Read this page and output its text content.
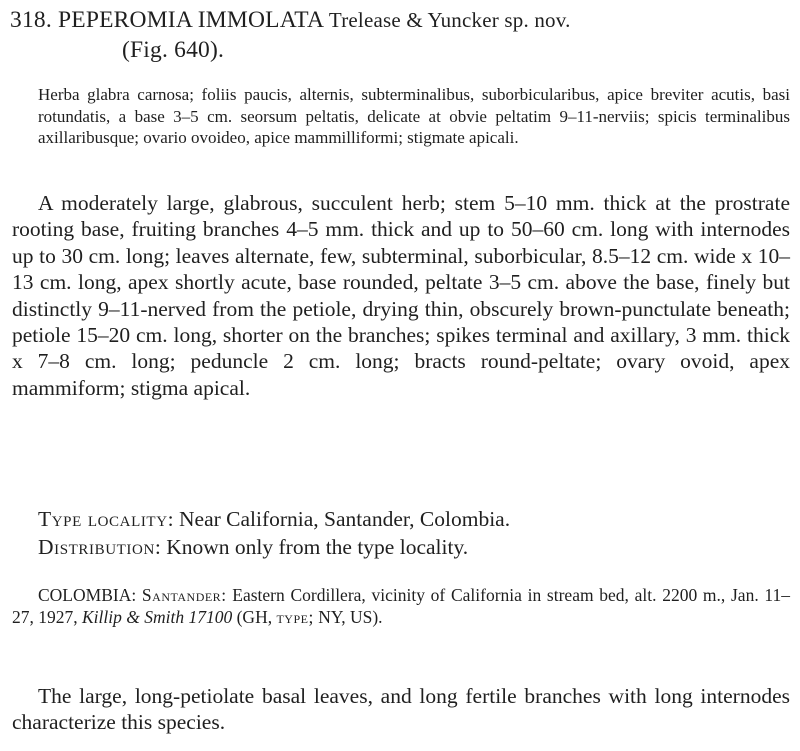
318. PEPEROMIA IMMOLATA Trelease & Yuncker sp. nov.
(Fig. 640).
Herba glabra carnosa; foliis paucis, alternis, subterminalibus, suborbicularibus, apice breviter acutis, basi rotundatis, a base 3–5 cm. seorsum peltatis, delicate at obvie peltatim 9–11-nerviis; spicis terminalibus axillaribusque; ovario ovoideo, apice mammilliformi; stigmate apicali.
A moderately large, glabrous, succulent herb; stem 5–10 mm. thick at the prostrate rooting base, fruiting branches 4–5 mm. thick and up to 50–60 cm. long with internodes up to 30 cm. long; leaves alternate, few, subterminal, suborbicular, 8.5–12 cm. wide x 10–13 cm. long, apex shortly acute, base rounded, peltate 3–5 cm. above the base, finely but distinctly 9–11-nerved from the petiole, drying thin, obscurely brown-punctulate beneath; petiole 15–20 cm. long, shorter on the branches; spikes terminal and axillary, 3 mm. thick x 7–8 cm. long; peduncle 2 cm. long; bracts round-peltate; ovary ovoid, apex mammiform; stigma apical.
Type locality: Near California, Santander, Colombia.
Distribution: Known only from the type locality.
COLOMBIA: Santander: Eastern Cordillera, vicinity of California in stream bed, alt. 2200 m., Jan. 11–27, 1927, Killip & Smith 17100 (GH, type; NY, US).
The large, long-petiolate basal leaves, and long fertile branches with long internodes characterize this species.
